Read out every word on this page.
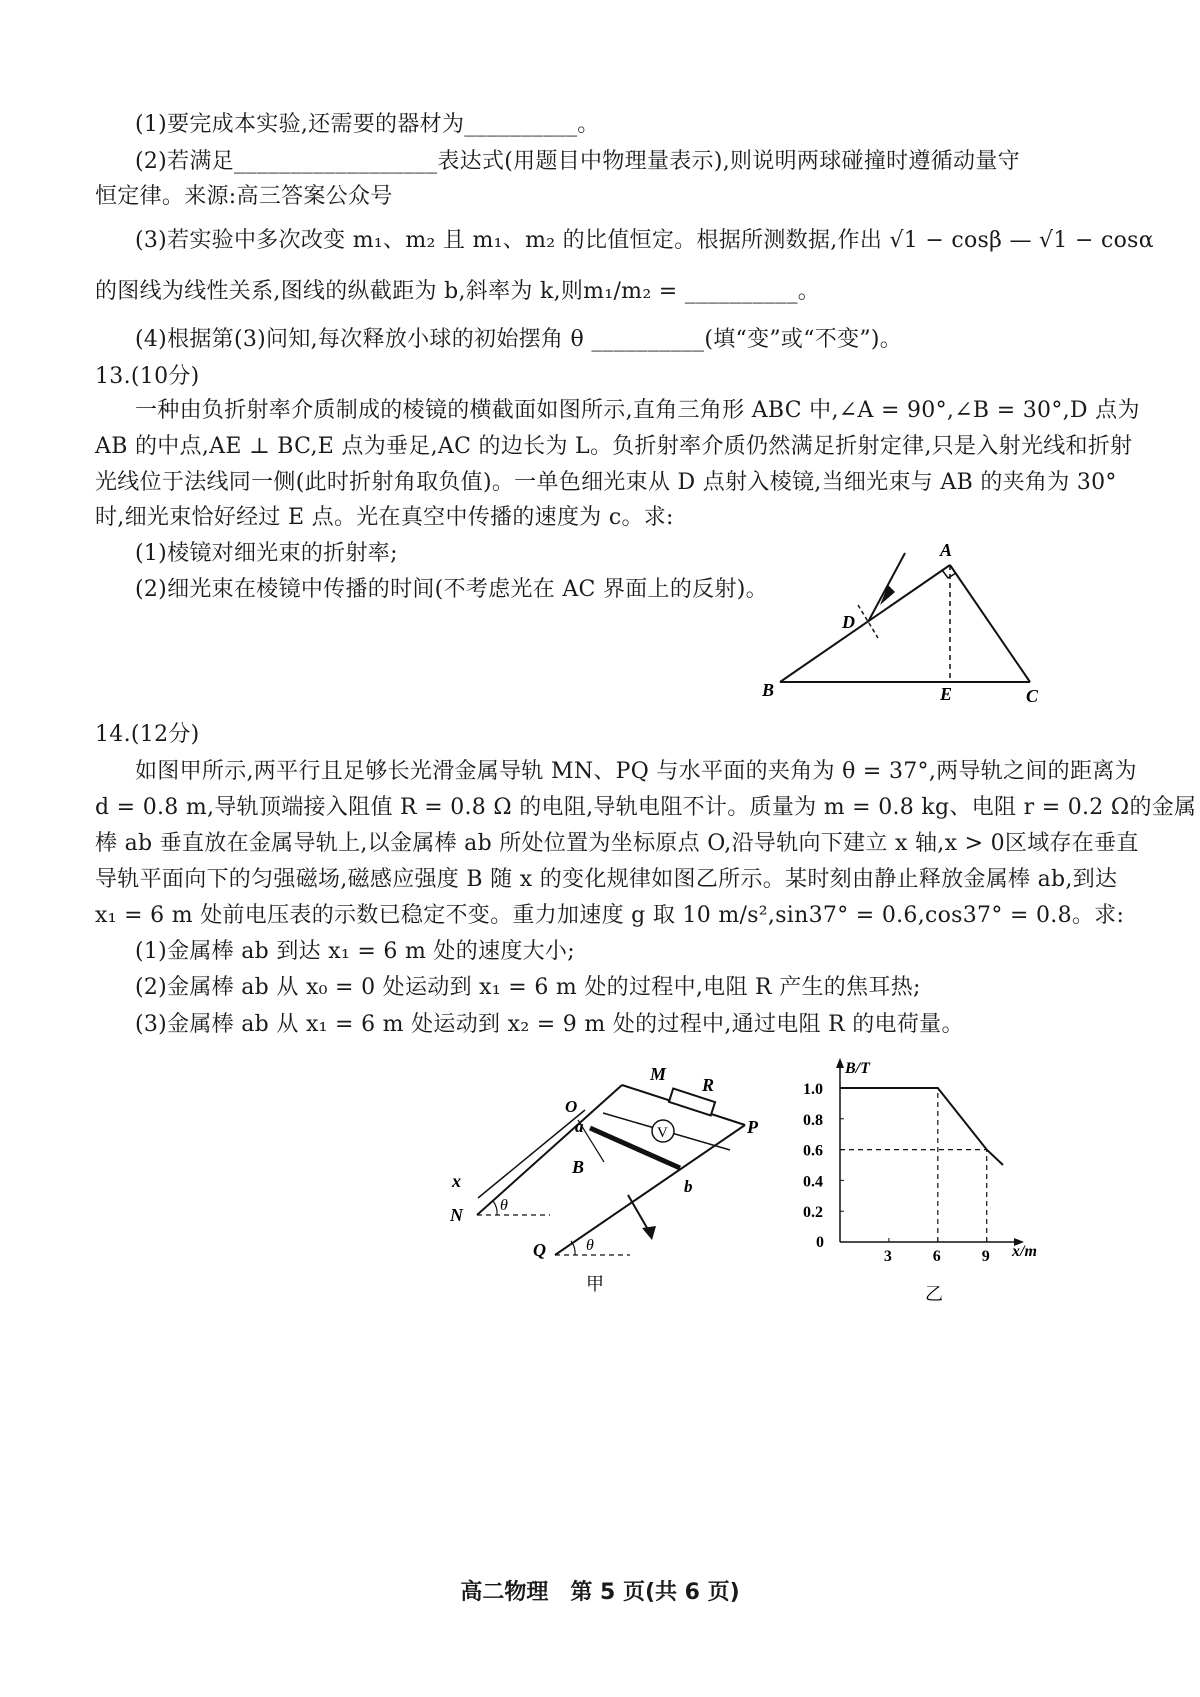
(1)要完成本实验,还需要的器材为__________。
(2)若满足__________________表达式(用题目中物理量表示),则说明两球碰撞时遵循动量守
恒定律。来源:高三答案公众号
(3)若实验中多次改变 m₁、m₂ 且 m₁、m₂ 的比值恒定。根据所测数据,作出 √1 − cosβ — √1 − cosα
的图线为线性关系,图线的纵截距为 b,斜率为 k,则m₁/m₂ = __________。
(4)根据第(3)问知,每次释放小球的初始摆角 θ __________(填“变”或“不变”)。
13.(10分)
一种由负折射率介质制成的棱镜的横截面如图所示,直角三角形 ABC 中,∠A = 90°,∠B = 30°,D 点为
AB 的中点,AE ⊥ BC,E 点为垂足,AC 的边长为 L。负折射率介质仍然满足折射定律,只是入射光线和折射
光线位于法线同一侧(此时折射角取负值)。一单色细光束从 D 点射入棱镜,当细光束与 AB 的夹角为 30°
时,细光束恰好经过 E 点。光在真空中传播的速度为 c。求:
(1)棱镜对细光束的折射率;
(2)细光束在棱镜中传播的时间(不考虑光在 AC 界面上的反射)。
A
B	C
D
E
14.(12分)
如图甲所示,两平行且足够长光滑金属导轨 MN、PQ 与水平面的夹角为 θ = 37°,两导轨之间的距离为
d = 0.8 m,导轨顶端接入阻值 R = 0.8 Ω 的电阻,导轨电阻不计。质量为 m = 0.8 kg、电阻 r = 0.2 Ω的金属
棒 ab 垂直放在金属导轨上,以金属棒 ab 所处位置为坐标原点 O,沿导轨向下建立 x 轴,x > 0区域存在垂直
导轨平面向下的匀强磁场,磁感应强度 B 随 x 的变化规律如图乙所示。某时刻由静止释放金属棒 ab,到达
x₁ = 6 m 处前电压表的示数已稳定不变。重力加速度 g 取 10 m/s²,sin37° = 0.6,cos37° = 0.8。求:
(1)金属棒 ab 到达 x₁ = 6 m 处的速度大小;
(2)金属棒 ab 从 x₀ = 0 处运动到 x₁ = 6 m 处的过程中,电阻 R 产生的焦耳热;
(3)金属棒 ab 从 x₁ = 6 m 处运动到 x₂ = 9 m 处的过程中,通过电阻 R 的电荷量。
V
M
R
O
a	P
B
x
θ
N
b
Q	θ
甲
B/T
x/m
0
乙
1.0
0.8
0.6
0.4
0.2
3	6	9
高二物理　第 5 页(共 6 页)
